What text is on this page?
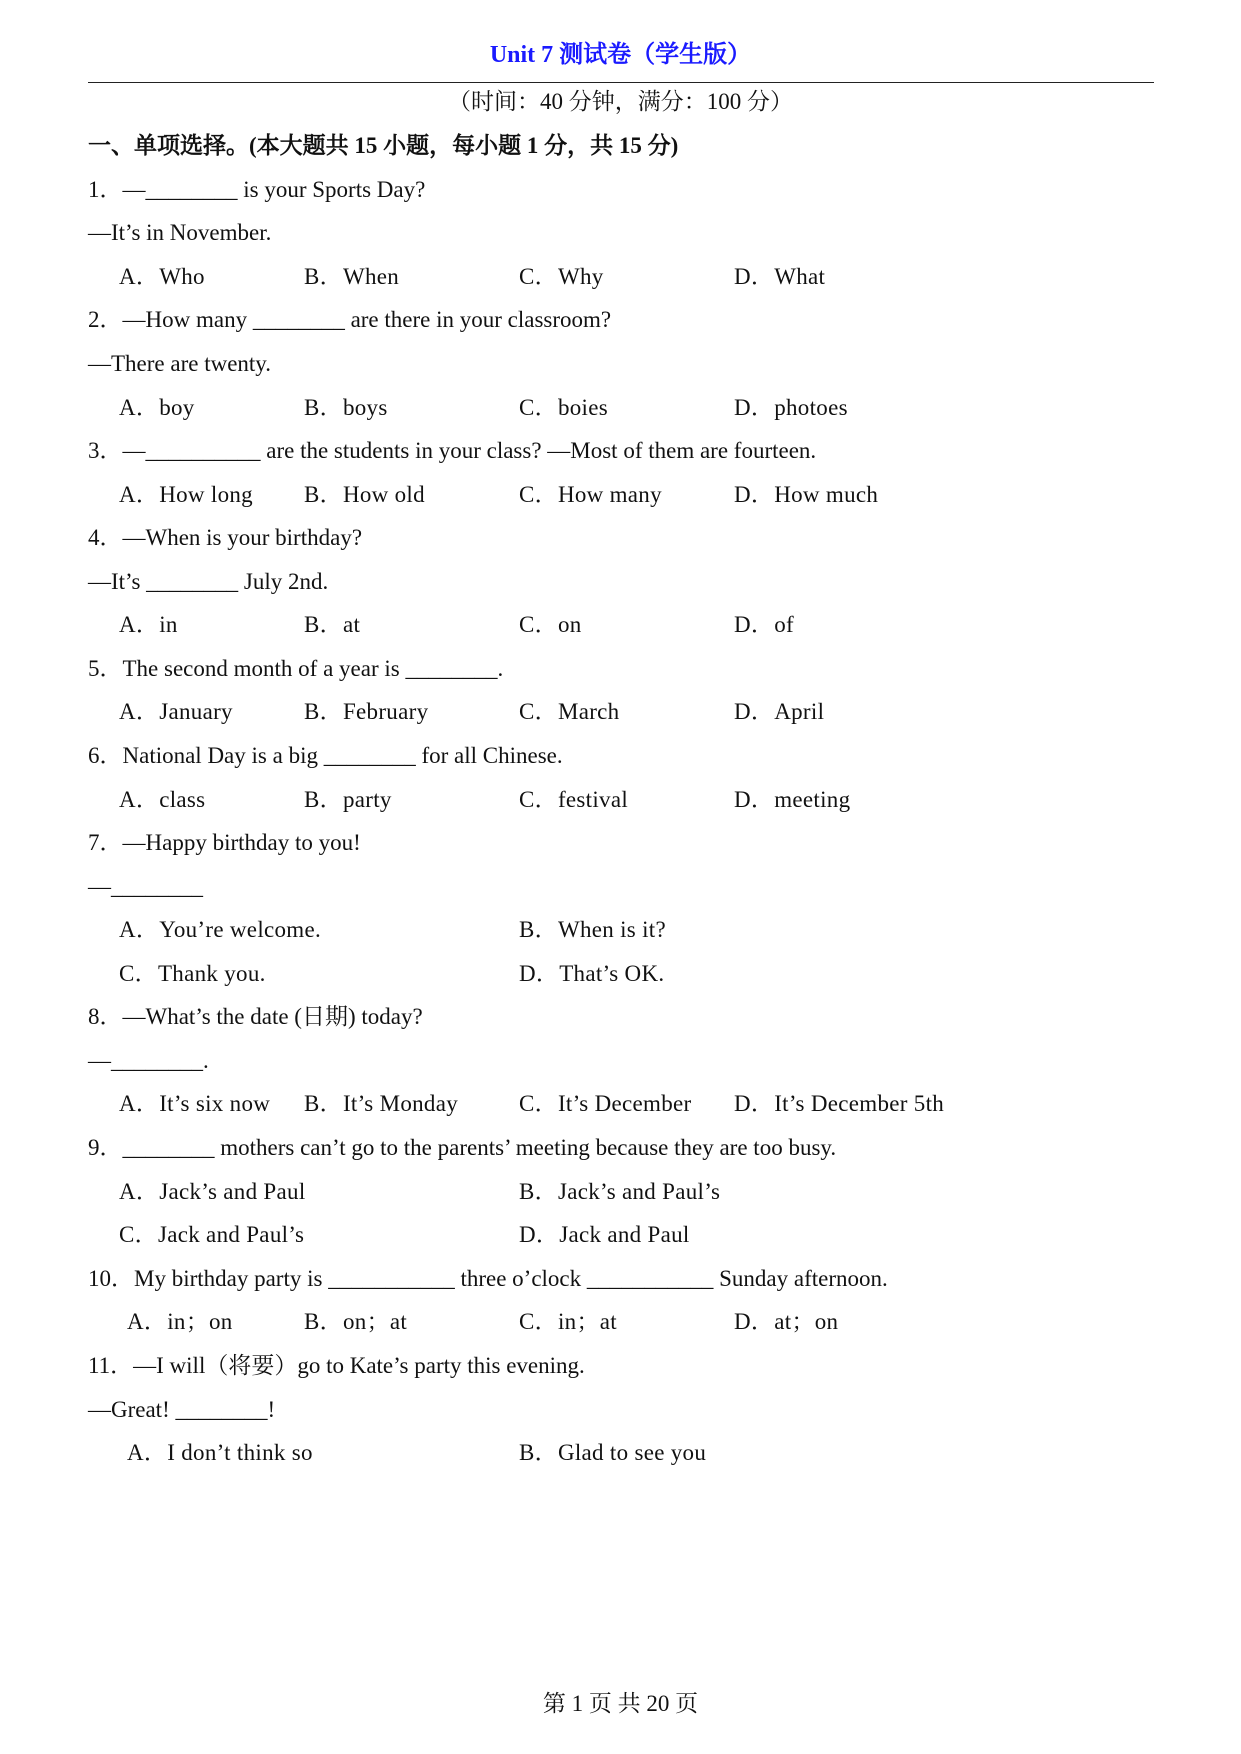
Unit 7 测试卷（学生版）
（时间：40 分钟，满分：100 分）
一、单项选择。(本大题共 15 小题，每小题 1 分，共 15 分)
1．—________ is your Sports Day?
—It’s in November.
A．Who	B．When	C．Why	D．What
2．—How many ________ are there in your classroom?
—There are twenty.
A．boy	B．boys	C．boies	D．photoes
3．—__________ are the students in your class? —Most of them are fourteen.
A．How long B．How old	C．How many	D．How much
4．—When is your birthday?
—It’s ________ July 2nd.
A．in	B．at	C．on	D．of
5．The second month of a year is ________.
A．January	B．February	C．March	D．April
6．National Day is a big ________ for all Chinese.
A．class	B．party	C．festival	D．meeting
7．—Happy birthday to you!
—________
A．You’re welcome.	B．When is it?
C．Thank you.	D．That’s OK.
8．—What’s the date (日期) today?
—________.
A．It’s six now B．It’s Monday	C．It’s December D．It’s December 5th
9．________ mothers can’t go to the parents’ meeting because they are too busy.
A．Jack’s and Paul	B．Jack’s and Paul’s
C．Jack and Paul’s	D．Jack and Paul
10．My birthday party is ___________ three o’clock ___________ Sunday afternoon.
A．in；on	B．on；at	C．in；at	D．at；on
11．—I will（将要）go to Kate’s party this evening.
—Great! ________!
A．I don’t think so	B．Glad to see you
第 1 页 共 20 页
